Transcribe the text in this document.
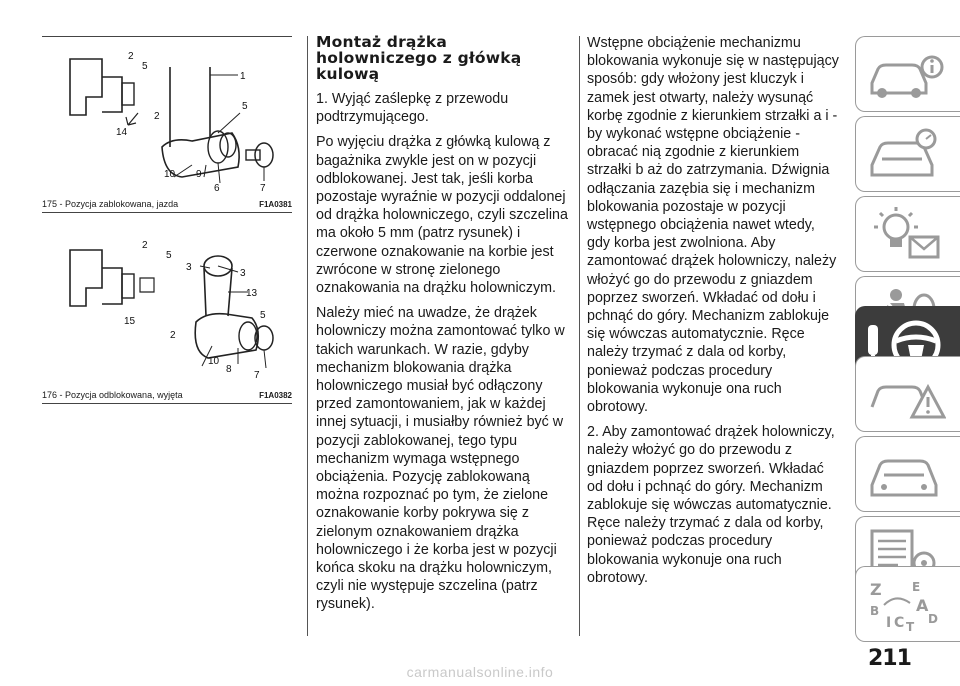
2
5
1
14
2
5
10 9
6	7
175 - Pozycja zablokowana, jazda	F1A0381
2
5
3
3
13
15
5
2
10
8
7
176 - Pozycja odblokowana, wyjęta	F1A0382
Montaż drążka holowniczego z główką kulową

1. Wyjąć zaślepkę z przewodu podtrzymującego.

Po wyjęciu drążka z główką kulową z bagażnika zwykle jest on w pozycji odblokowanej. Jest tak, jeśli korba pozostaje wyraźnie w pozycji oddalonej od drążka holowniczego, czyli szczelina ma około 5 mm (patrz rysunek) i czerwone oznakowanie na korbie jest zwrócone w stronę zielonego oznakowania na drążku holowniczym.

Należy mieć na uwadze, że drążek holowniczy można zamontować tylko w takich warunkach. W razie, gdyby mechanizm blokowania drążka holowniczego musiał być odłączony przed zamontowaniem, jak w każdej innej sytuacji, i musiałby również być w pozycji zablokowanej, tego typu mechanizm wymaga wstępnego obciążenia. Pozycję zablokowaną można rozpoznać po tym, że zielone oznakowanie korby pokrywa się z zielonym oznakowaniem drążka holowniczego i że korba jest w pozycji końca skoku na drążku holowniczym, czyli nie występuje szczelina (patrz rysunek).

Wstępne obciążenie mechanizmu blokowania wykonuje się w następujący sposób: gdy włożony jest kluczyk i zamek jest otwarty, należy wysunąć korbę zgodnie z kierunkiem strzałki a i - by wykonać wstępne obciążenie - obracać nią zgodnie z kierunkiem strzałki b aż do zatrzymania. Dźwignia odłączania zazębia się i mechanizm blokowania pozostaje w pozycji wstępnego obciążenia nawet wtedy, gdy korba jest zwolniona. Aby zamontować drążek holowniczy, należy włożyć go do przewodu z gniazdem poprzez sworzeń. Wkładać od dołu i pchnąć do góry. Mechanizm zablokuje się wówczas automatycznie. Ręce należy trzymać z dala od korby, ponieważ podczas procedury blokowania wykonuje ona ruch obrotowy.

2. Aby zamontować drążek holowniczy, należy włożyć go do przewodu z gniazdem poprzez sworzeń. Wkładać od dołu i pchnąć do góry. Mechanizm zablokuje się wówczas automatycznie. Ręce należy trzymać z dala od korby, ponieważ podczas procedury blokowania wykonuje ona ruch obrotowy.

Z	E
B A
I C T
D
211
carmanualsonline.info
